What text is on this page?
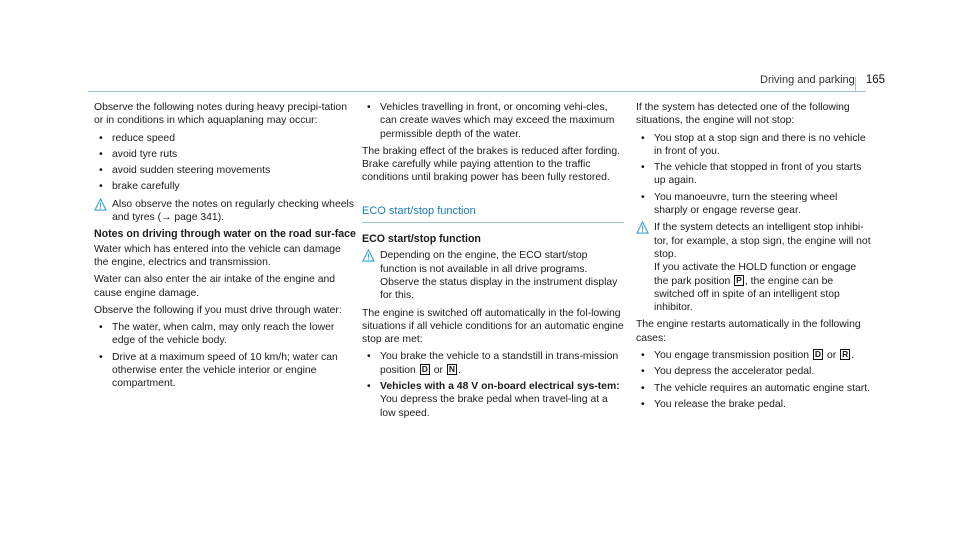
Driving and parking 165

Observe the following notes during heavy precipi-tation or in conditions in which aquaplaning may occur:

• reduce speed
• avoid tyre ruts
• avoid sudden steering movements
• brake carefully
Also observe the notes on regularly checking wheels and tyres (→ page 341).
Notes on driving through water on the road sur-face

Water which has entered into the vehicle can damage the engine, electrics and transmission.

Water can also enter the air intake of the engine and cause engine damage.

Observe the following if you must drive through water:

• The water, when calm, may only reach the lower edge of the vehicle body.
• Drive at a maximum speed of 10 km/h; water can otherwise enter the vehicle interior or engine compartment.
• Vehicles travelling in front, or oncoming vehi-cles, can create waves which may exceed the maximum permissible depth of the water.

The braking effect of the brakes is reduced after fording. Brake carefully while paying attention to the traffic conditions until braking power has been fully restored.

ECO start/stop function
ECO start/stop function
Depending on the engine, the ECO start/stop function is not available in all drive programs. Observe the status display in the instrument display for this.

The engine is switched off automatically in the fol-lowing situations if all vehicle conditions for an automatic engine stop are met:

• You brake the vehicle to a standstill in trans-mission position D or N .
• Vehicles with a 48 V on-board electrical sys-tem: You depress the brake pedal when travel-ling at a low speed.

If the system has detected one of the following situations, the engine will not stop:

• You stop at a stop sign and there is no vehicle in front of you.
• The vehicle that stopped in front of you starts up again.
• You manoeuvre, turn the steering wheel sharply or engage reverse gear.
If the system detects an intelligent stop inhibi-tor, for example, a stop sign, the engine will not stop.
If you activate the HOLD function or engage the park position P , the engine can be switched off in spite of an intelligent stop inhibitor.

The engine restarts automatically in the following cases:

• You engage transmission position D or R .
• You depress the accelerator pedal.
• The vehicle requires an automatic engine start.
• You release the brake pedal.
